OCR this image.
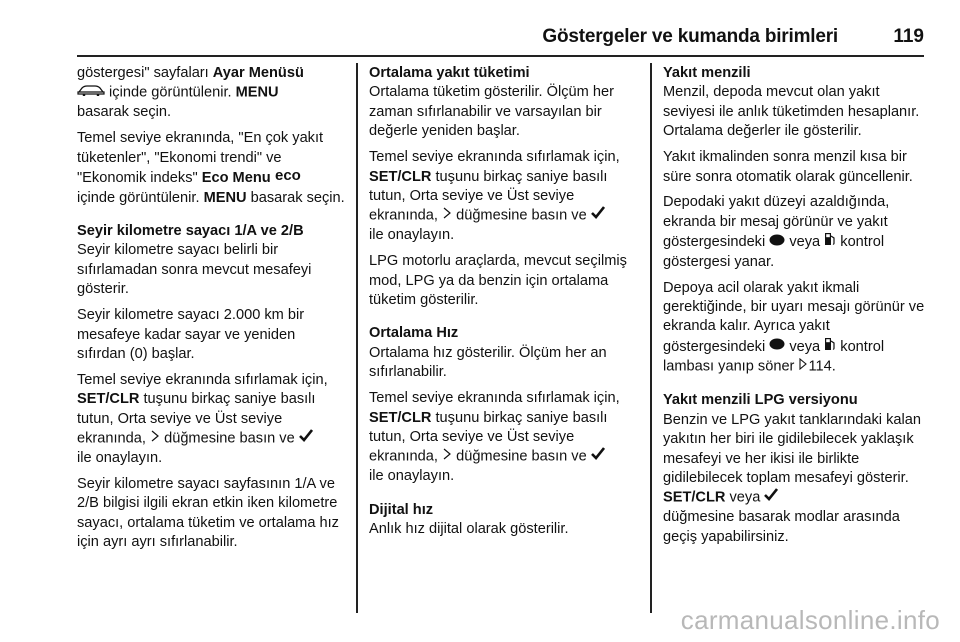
Göstergeler ve kumanda birimleri	119

göstergesi" sayfaları Ayar Menüsü
içinde görüntülenir. MENU
basarak seçin.

Temel seviye ekranında, "En çok yakıt tüketenler", "Ekonomi trendi" ve "Ekonomik indeks" Eco Menu eco

içinde görüntülenir. MENU basarak seçin.

Seyir kilometre sayacı 1/A ve 2/B

Seyir kilometre sayacı belirli bir sıfırlamadan sonra mevcut mesafeyi gösterir.

Seyir kilometre sayacı 2.000 km bir mesafeye kadar sayar ve yeniden sıfırdan (0) başlar.

Temel seviye ekranında sıfırlamak için, SET/CLR tuşunu birkaç saniye basılı tutun, Orta seviye ve Üst seviye ekranında,  düğmesine basın ve
ile onaylayın.

Seyir kilometre sayacı sayfasının 1/A ve 2/B bilgisi ilgili ekran etkin iken kilometre sayacı, ortalama tüketim ve ortalama hız için ayrı ayrı sıfırlanabilir.

Ortalama yakıt tüketimi

Ortalama tüketim gösterilir. Ölçüm her zaman sıfırlanabilir ve varsayılan bir değerle yeniden başlar.

Temel seviye ekranında sıfırlamak için, SET/CLR tuşunu birkaç saniye basılı tutun, Orta seviye ve Üst seviye ekranında,  düğmesine basın ve
ile onaylayın.

LPG motorlu araçlarda, mevcut seçilmiş mod, LPG ya da benzin için ortalama tüketim gösterilir.

Ortalama Hız

Ortalama hız gösterilir. Ölçüm her an sıfırlanabilir.

Temel seviye ekranında sıfırlamak için, SET/CLR tuşunu birkaç saniye basılı tutun, Orta seviye ve Üst seviye ekranında,  düğmesine basın ve
ile onaylayın.

Dijital hız

Anlık hız dijital olarak gösterilir.

Yakıt menzili

Menzil, depoda mevcut olan yakıt seviyesi ile anlık tüketimden hesaplanır. Ortalama değerler ile gösterilir.

Yakıt ikmalinden sonra menzil kısa bir süre sonra otomatik olarak güncellenir.

Depodaki yakıt düzeyi azaldığında, ekranda bir mesaj görünür ve yakıt göstergesindeki  veya  kontrol göstergesi yanar.

Depoya acil olarak yakıt ikmali gerektiğinde, bir uyarı mesajı görünür ve ekranda kalır. Ayrıca yakıt göstergesindeki  veya  kontrol lambası yanıp söner 114.

Yakıt menzili LPG versiyonu

Benzin ve LPG yakıt tanklarındaki kalan yakıtın her biri ile gidilebilecek yaklaşık mesafeyi ve her ikisi ile birlikte gidilebilecek toplam mesafeyi gösterir. SET/CLR veya
düğmesine basarak modlar arasında geçiş yapabilirsiniz.

carmanualsonline.info
